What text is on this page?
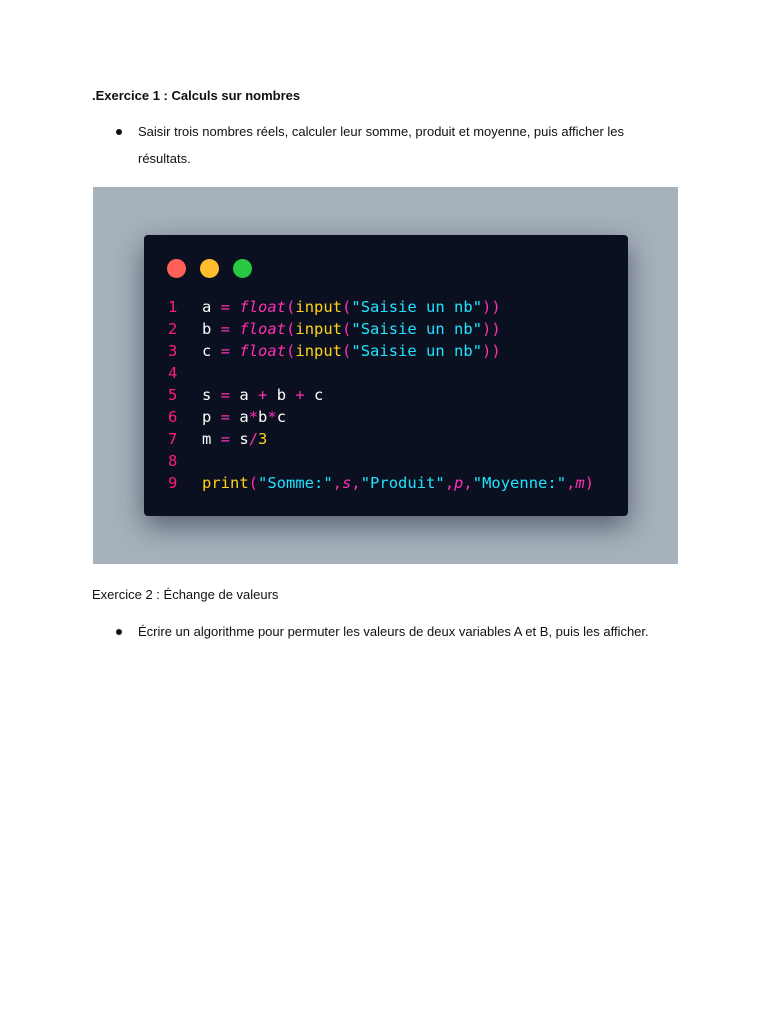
.Exercice 1 : Calculs sur nombres
Saisir trois nombres réels, calculer leur somme, produit et moyenne, puis afficher les résultats.
1 a = float(input("Saisie un nb"))
2 b = float(input("Saisie un nb"))
3 c = float(input("Saisie un nb"))
4
5 s = a + b + c
6 p = a*b*c
7 m = s/3
8
9 print("Somme:",s,"Produit",p,"Moyenne:",m)
Exercice 2 : Échange de valeurs
Écrire un algorithme pour permuter les valeurs de deux variables A et B, puis les afficher.
